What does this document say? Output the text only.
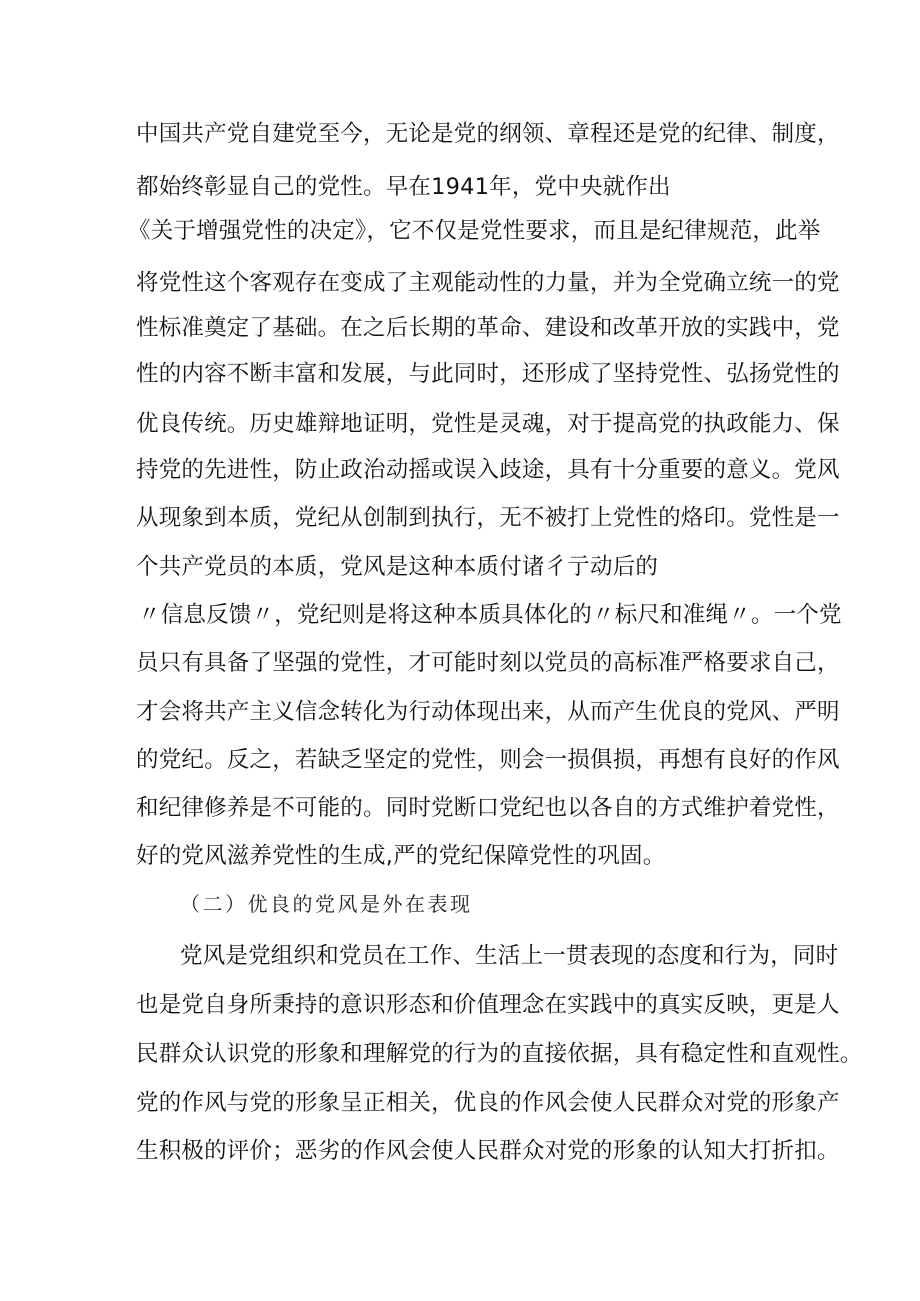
中国共产党自建党至今，无论是党的纲领、章程还是党的纪律、制度，
都始终彰显自己的党性。早在1941年，党中央就作出
《关于增强党性的决定》，它不仅是党性要求，而且是纪律规范，此举
将党性这个客观存在变成了主观能动性的力量，并为全党确立统一的党
性标准奠定了基础。在之后长期的革命、建设和改革开放的实践中，党
性的内容不断丰富和发展，与此同时，还形成了坚持党性、弘扬党性的
优良传统。历史雄辩地证明，党性是灵魂，对于提高党的执政能力、保
持党的先进性，防止政治动摇或误入歧途，具有十分重要的意义。党风
从现象到本质，党纪从创制到执行，无不被打上党性的烙印。党性是一
个共产党员的本质，党风是这种本质付诸彳亍动后的
〃信息反馈〃，党纪则是将这种本质具体化的〃标尺和准绳〃。一个党
员只有具备了坚强的党性，才可能时刻以党员的高标准严格要求自己，
才会将共产主义信念转化为行动体现出来，从而产生优良的党风、严明
的党纪。反之，若缺乏坚定的党性，则会一损俱损，再想有良好的作风
和纪律修养是不可能的。同时党断口党纪也以各自的方式维护着党性，
好的党风滋养党性的生成,严的党纪保障党性的巩固。
（二）优良的党风是外在表现
党风是党组织和党员在工作、生活上一贯表现的态度和行为，同时
也是党自身所秉持的意识形态和价值理念在实践中的真实反映，更是人
民群众认识党的形象和理解党的行为的直接依据，具有稳定性和直观性。
党的作风与党的形象呈正相关，优良的作风会使人民群众对党的形象产
生积极的评价；恶劣的作风会使人民群众对党的形象的认知大打折扣。
